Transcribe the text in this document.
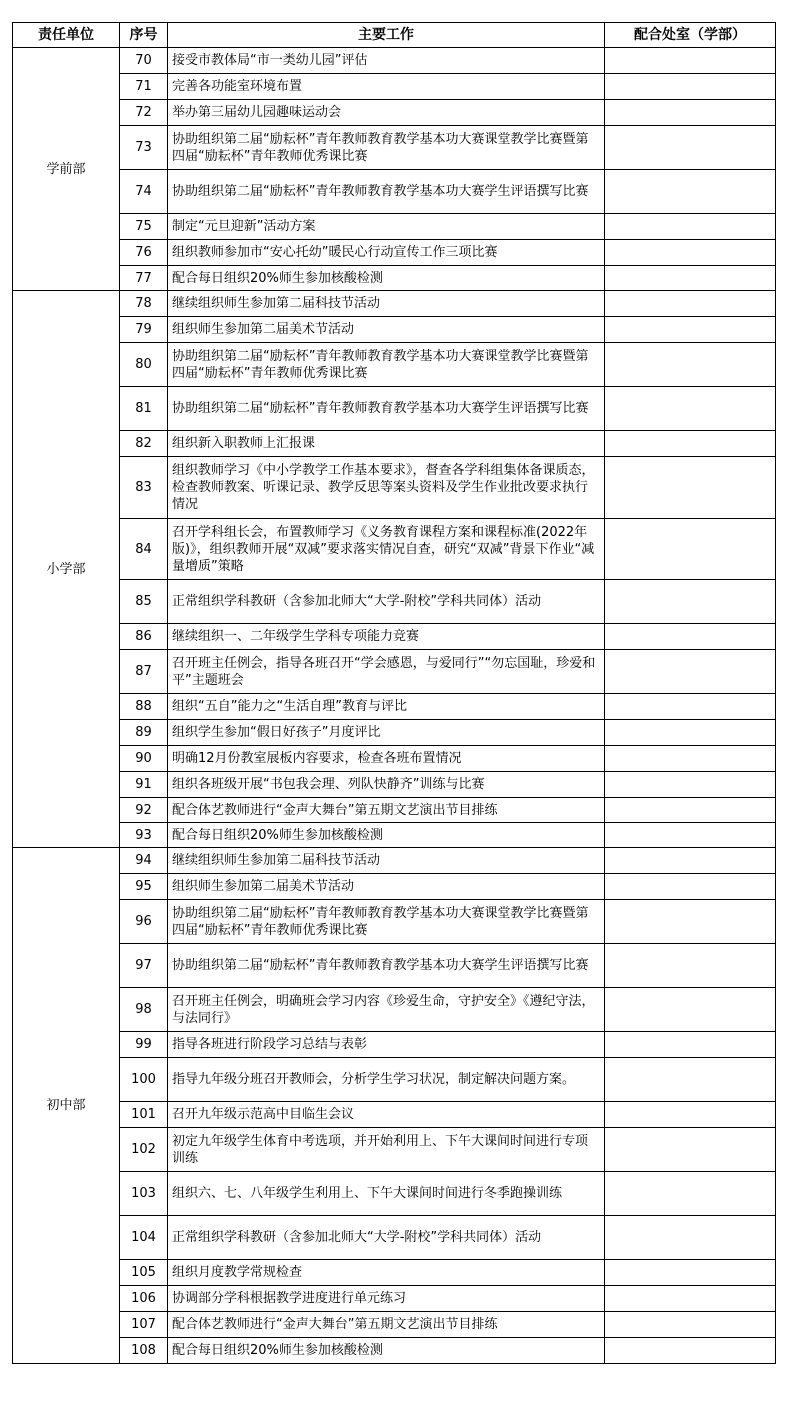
责任单位	序号	主要工作	配合处室（学部）
学前部	70	接受市教体局“市一类幼儿园”评估	
	71	完善各功能室环境布置	
	72	举办第三届幼儿园趣味运动会	
	73	协助组织第二届“励耘杯”青年教师教育教学基本功大赛课堂教学比赛暨第四届“励耘杯”青年教师优秀课比赛	
	74	协助组织第二届“励耘杯”青年教师教育教学基本功大赛学生评语撰写比赛	
	75	制定“元旦迎新”活动方案	
	76	组织教师参加市“安心托幼”暖民心行动宣传工作三项比赛	
	77	配合每日组织20%师生参加核酸检测	
小学部	78	继续组织师生参加第二届科技节活动	
	79	组织师生参加第二届美术节活动	
	80	协助组织第二届“励耘杯”青年教师教育教学基本功大赛课堂教学比赛暨第四届“励耘杯”青年教师优秀课比赛	
	81	协助组织第二届“励耘杯”青年教师教育教学基本功大赛学生评语撰写比赛	
	82	组织新入职教师上汇报课	
	83	组织教师学习《中小学教学工作基本要求》，督查各学科组集体备课质态，检查教师教案、听课记录、教学反思等案头资料及学生作业批改要求执行情况	
	84	召开学科组长会，布置教师学习《义务教育课程方案和课程标准(2022年版)》，组织教师开展“双减”要求落实情况自查，研究“双减”背景下作业“减量增质”策略	
	85	正常组织学科教研（含参加北师大“大学-附校”学科共同体）活动	
	86	继续组织一、二年级学生学科专项能力竞赛	
	87	召开班主任例会，指导各班召开“学会感恩，与爱同行”“勿忘国耻，珍爱和平”主题班会	
	88	组织“五自”能力之“生活自理”教育与评比	
	89	组织学生参加“假日好孩子”月度评比	
	90	明确12月份教室展板内容要求，检查各班布置情况	
	91	组织各班级开展“书包我会理、列队快静齐”训练与比赛	
	92	配合体艺教师进行“金声大舞台”第五期文艺演出节目排练	
	93	配合每日组织20%师生参加核酸检测	
初中部	94	继续组织师生参加第二届科技节活动	
	95	组织师生参加第二届美术节活动	
	96	协助组织第二届“励耘杯”青年教师教育教学基本功大赛课堂教学比赛暨第四届“励耘杯”青年教师优秀课比赛	
	97	协助组织第二届“励耘杯”青年教师教育教学基本功大赛学生评语撰写比赛	
	98	召开班主任例会，明确班会学习内容《珍爱生命，守护安全》《遵纪守法，与法同行》	
	99	指导各班进行阶段学习总结与表彰	
	100	指导九年级分班召开教师会，分析学生学习状况，制定解决问题方案。	
	101	召开九年级示范高中目临生会议	
	102	初定九年级学生体育中考选项，并开始利用上、下午大课间时间进行专项训练	
	103	组织六、七、八年级学生利用上、下午大课间时间进行冬季跑操训练	
	104	正常组织学科教研（含参加北师大“大学-附校”学科共同体）活动	
	105	组织月度教学常规检查	
	106	协调部分学科根据教学进度进行单元练习	
	107	配合体艺教师进行“金声大舞台”第五期文艺演出节目排练	
	108	配合每日组织20%师生参加核酸检测	
